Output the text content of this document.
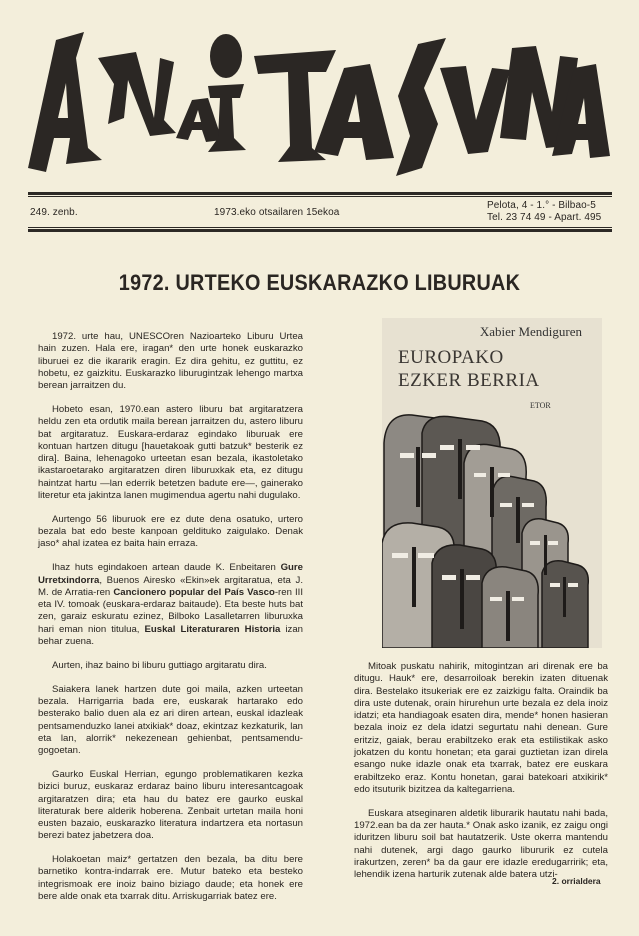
249. zenb.	1973.eko otsailaren 15ekoa
Pelota, 4 - 1.° - Bilbao-5
Tel. 23 74 49 - Apart. 495
1972. URTEKO EUSKARAZKO LIBURUAK

1972. urte hau, UNESCOren Nazioarteko Liburu Urtea hain zuzen. Hala ere, iragan* den urte honek euskarazko liburuei ez die ikararik eragin. Ez dira gehitu, ez guttitu, ez hobetu, ez gaizkitu. Euskarazko liburugintzak lehengo martxa berean jarraitzen du.

Hobeto esan, 1970.ean astero liburu bat argitaratzera heldu zen eta ordutik maila berean jarraitzen du, astero liburu bat argitaratuz. Euskara-erdaraz egindako liburuak ere kontuan hartzen ditugu [hauetakoak gutti batzuk* besterik ez dira]. Baina, lehenagoko urteetan esan bezala, ikastoletako ikastaroetarako argitaratzen diren liburuxkak eta, ez ditugu haintzat hartu —lan ederrik betetzen badute ere—, gainerako literetur eta jakintza lanen mugimendua agertu nahi dugulako.

Aurtengo 56 liburuok ere ez dute dena osatuko, urtero bezala bat edo beste kanpoan geldituko zaigulako. Denak jaso* ahal izatea ez baita hain erraza.

Ihaz huts egindakoen artean daude K. Enbeitaren Gure Urretxindorra, Buenos Airesko «Ekin»ek argitaratua, eta J. M. de Arratia-ren Cancionero popular del País Vasco-ren III eta IV. tomoak (euskara-erdaraz baitaude). Eta beste huts bat zen, garaiz eskuratu ezinez, Bilboko Lasalletarren liburuxka hari eman nion titulua, Euskal Literaturaren Historia izan behar zuena.

Aurten, ihaz baino bi liburu guttiago argitaratu dira.

Saiakera lanek hartzen dute goi maila, azken urteetan bezala. Harrigarria bada ere, euskarak hartarako edo besterako balio duen ala ez ari diren artean, euskal idazleak pentsamenduzko lanei atxikiak* doaz, ekintzaz kezkaturik, lan eta lan, alorrik* nekezenean gehienbat, pentsamendu-gogoetan.

Gaurko Euskal Herrian, egungo problematikaren kezka bizici buruz, euskaraz erdaraz baino liburu interesantcagoak argitaratzen dira; eta hau du batez ere gaurko euskal literaturak bere alderik hoberena. Zenbait urtetan maila honi eusten bazaio, euskarazko literatura indartzera eta nortasun berezi batez jabetzera doa.

Holakoetan maiz* gertatzen den bezala, ba ditu bere barnetiko kontra-indarrak ere. Mutur bateko eta besteko integrismoak ere inoiz baino biziago daude; eta honek ere bere alde onak eta txarrak ditu. Arriskugarriak batez ere.

Xabier Mendiguren
EUROPAKO
EZKER BERRIA
ETOR

Mitoak puskatu nahirik, mitogintzan ari direnak ere ba ditugu. Hauk* ere, desarroiloak berekin izaten dituenak dira. Bestelako itsukeriak ere ez zaizkigu falta. Oraindik ba dira uste dutenak, orain hirurehun urte bezala ez dela inoiz idatzi; eta handiagoak esaten dira, mende* honen hasieran bezala inoiz ez dela idatzi segurtatu nahi denean. Gure eritziz, gaiak, berau erabiltzeko erak eta estilistikak asko jokatzen du kontu honetan; eta garai guztietan izan direla esango nuke idazle onak eta txarrak, batez ere euskara erabiltzeko eraz. Kontu honetan, garai batekoari atxikirik* edo itsuturik bizitzea da kaltegarriena.

Euskara atseginaren aldetik liburarik hautatu nahi bada, 1972.ean ba da zer hauta.* Onak asko izanik, ez zaigu ongi iduritzen liburu soil bat hautatzerik. Uste okerra mantendu nahi dutenek, argi dago gaurko libururik ez cutela irakurtzen, zeren* ba da gaur ere idazle eredugarririk; eta, lehendik izena harturik zutenak alde batera utzi-

2. orrialdera
